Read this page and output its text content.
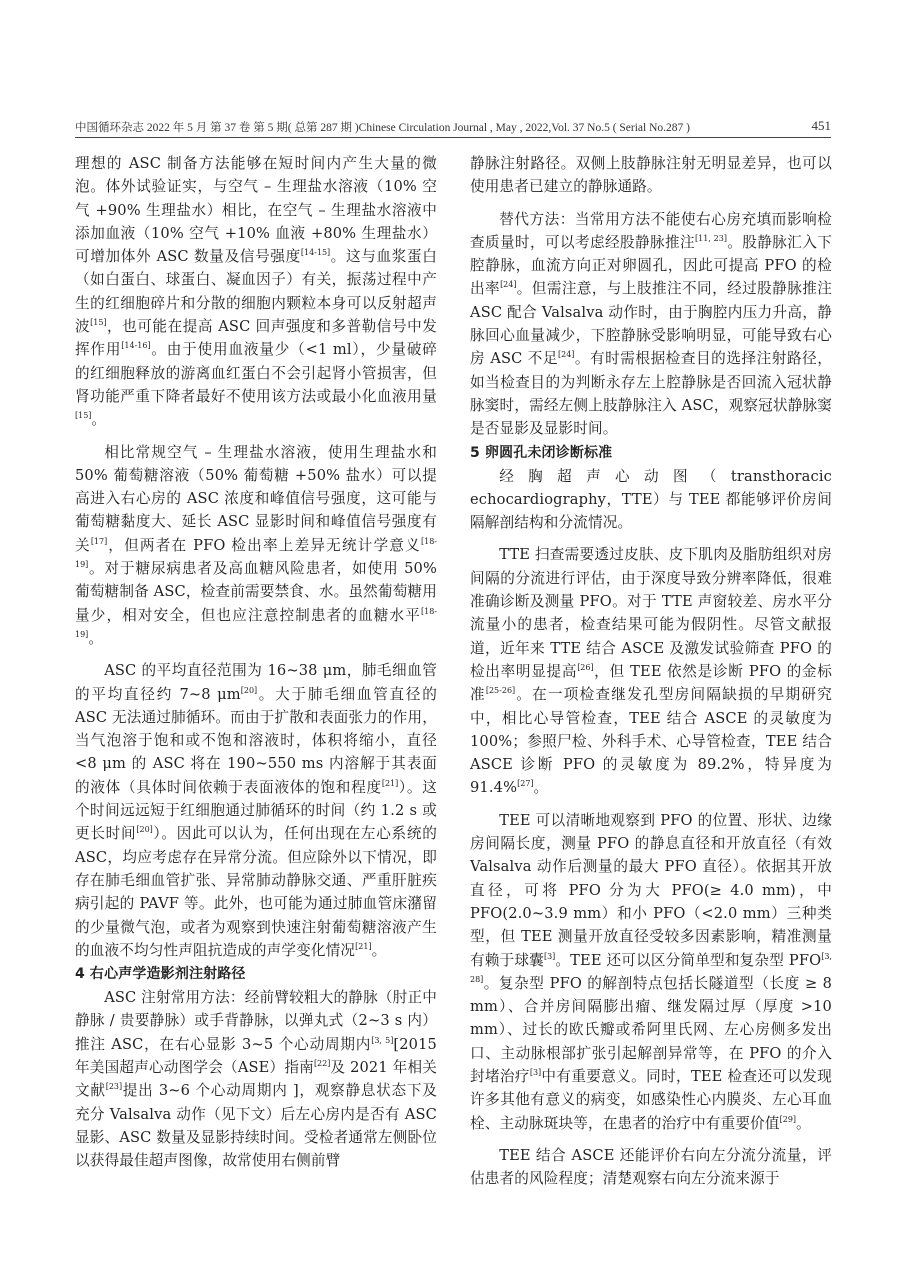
中国循环杂志 2022 年 5 月 第 37 卷 第 5 期( 总第 287 期 )Chinese Circulation Journal , May , 2022,Vol. 37 No.5 ( Serial No.287 )	451

理想的 ASC 制备方法能够在短时间内产生大量的微泡。体外试验证实，与空气 – 生理盐水溶液（10% 空气 +90% 生理盐水）相比，在空气 – 生理盐水溶液中添加血液（10% 空气 +10% 血液 +80% 生理盐水）可增加体外 ASC 数量及信号强度[14-15]。这与血浆蛋白（如白蛋白、球蛋白、凝血因子）有关，振荡过程中产生的红细胞碎片和分散的细胞内颗粒本身可以反射超声波[15]，也可能在提高 ASC 回声强度和多普勒信号中发挥作用[14-16]。由于使用血液量少（<1 ml），少量破碎的红细胞释放的游离血红蛋白不会引起肾小管损害，但肾功能严重下降者最好不使用该方法或最小化血液用量[15]。

相比常规空气 – 生理盐水溶液，使用生理盐水和 50% 葡萄糖溶液（50% 葡萄糖 +50% 盐水）可以提高进入右心房的 ASC 浓度和峰值信号强度，这可能与葡萄糖黏度大、延长 ASC 显影时间和峰值信号强度有关[17]，但两者在 PFO 检出率上差异无统计学意义[18-19]。对于糖尿病患者及高血糖风险患者，如使用 50% 葡萄糖制备 ASC，检查前需要禁食、水。虽然葡萄糖用量少，相对安全，但也应注意控制患者的血糖水平[18-19]。

ASC 的平均直径范围为 16~38 μm，肺毛细血管的平均直径约 7~8 μm[20]。大于肺毛细血管直径的 ASC 无法通过肺循环。而由于扩散和表面张力的作用，当气泡溶于饱和或不饱和溶液时，体积将缩小，直径 <8 μm 的 ASC 将在 190~550 ms 内溶解于其表面的液体（具体时间依赖于表面液体的饱和程度[21]）。这个时间远远短于红细胞通过肺循环的时间（约 1.2 s 或更长时间[20]）。因此可以认为，任何出现在左心系统的 ASC，均应考虑存在异常分流。但应除外以下情况，即存在肺毛细血管扩张、异常肺动静脉交通、严重肝脏疾病引起的 PAVF 等。此外，也可能为通过肺血管床潴留的少量微气泡，或者为观察到快速注射葡萄糖溶液产生的血液不均匀性声阻抗造成的声学变化情况[21]。

4 右心声学造影剂注射路径

ASC 注射常用方法：经前臂较粗大的静脉（肘正中静脉 / 贵要静脉）或手背静脉，以弹丸式（2~3 s 内）推注 ASC，在右心显影 3~5 个心动周期内[3, 5][2015 年美国超声心动图学会（ASE）指南[22]及 2021 年相关文献[23]提出 3~6 个心动周期内 ]，观察静息状态下及充分 Valsalva 动作（见下文）后左心房内是否有 ASC 显影、ASC 数量及显影持续时间。受检者通常左侧卧位以获得最佳超声图像，故常使用右侧前臂

静脉注射路径。双侧上肢静脉注射无明显差异，也可以使用患者已建立的静脉通路。

替代方法：当常用方法不能使右心房充填而影响检查质量时，可以考虑经股静脉推注[11, 23]。股静脉汇入下腔静脉，血流方向正对卵圆孔，因此可提高 PFO 的检出率[24]。但需注意，与上肢推注不同，经过股静脉推注 ASC 配合 Valsalva 动作时，由于胸腔内压力升高，静脉回心血量减少，下腔静脉受影响明显，可能导致右心房 ASC 不足[24]。有时需根据检查目的选择注射路径，如当检查目的为判断永存左上腔静脉是否回流入冠状静脉窦时，需经左侧上肢静脉注入 ASC，观察冠状静脉窦是否显影及显影时间。

5 卵圆孔未闭诊断标准

经胸超声心动图（transthoracic echocardiography，TTE）与 TEE 都能够评价房间隔解剖结构和分流情况。

TTE 扫查需要透过皮肤、皮下肌肉及脂肪组织对房间隔的分流进行评估，由于深度导致分辨率降低，很难准确诊断及测量 PFO。对于 TTE 声窗较差、房水平分流量小的患者，检查结果可能为假阴性。尽管文献报道，近年来 TTE 结合 ASCE 及激发试验筛查 PFO 的检出率明显提高[26]，但 TEE 依然是诊断 PFO 的金标准[25-26]。在一项检查继发孔型房间隔缺损的早期研究中，相比心导管检查，TEE 结合 ASCE 的灵敏度为 100%；参照尸检、外科手术、心导管检查，TEE 结合 ASCE 诊断 PFO 的灵敏度为 89.2%，特异度为 91.4%[27]。

TEE 可以清晰地观察到 PFO 的位置、形状、边缘房间隔长度，测量 PFO 的静息直径和开放直径（有效 Valsalva 动作后测量的最大 PFO 直径）。依据其开放直径，可将 PFO 分为大 PFO(≥ 4.0 mm)，中 PFO(2.0~3.9 mm）和小 PFO（<2.0 mm）三种类型，但 TEE 测量开放直径受较多因素影响，精准测量有赖于球囊[3]。TEE 还可以区分简单型和复杂型 PFO[3, 28]。复杂型 PFO 的解剖特点包括长隧道型（长度 ≥ 8 mm）、合并房间隔膨出瘤、继发隔过厚（厚度 >10 mm）、过长的欧氏瓣或希阿里氏网、左心房侧多发出口、主动脉根部扩张引起解剖异常等，在 PFO 的介入封堵治疗[3]中有重要意义。同时，TEE 检查还可以发现许多其他有意义的病变，如感染性心内膜炎、左心耳血栓、主动脉斑块等，在患者的治疗中有重要价值[29]。

TEE 结合 ASCE 还能评价右向左分流分流量，评估患者的风险程度；清楚观察右向左分流来源于
